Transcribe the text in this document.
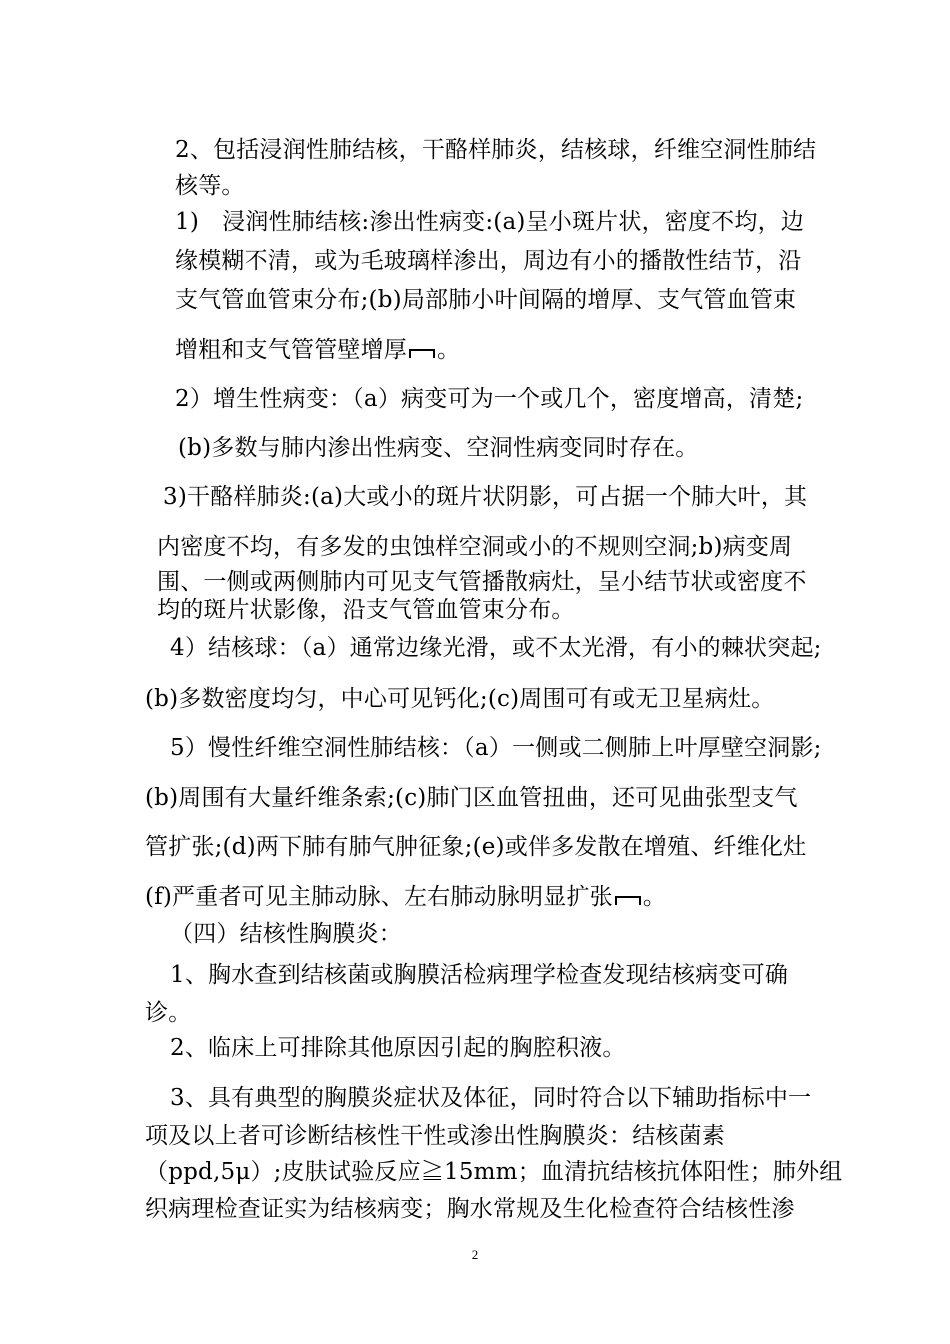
2、包括浸润性肺结核，干酪样肺炎，结核球，纤维空洞性肺结
核等。
1)　浸润性肺结核:渗出性病变:(a)呈小斑片状，密度不均，边
缘模糊不清，或为毛玻璃样渗出，周边有小的播散性结节，沿
支气管血管束分布;(b)局部肺小叶间隔的增厚、支气管血管束
增粗和支气管管壁增厚 。
2）增生性病变：（a）病变可为一个或几个，密度增高，清楚;
(b)多数与肺内渗出性病变、空洞性病变同时存在。
3)干酪样肺炎:(a)大或小的斑片状阴影，可占据一个肺大叶，其
内密度不均，有多发的虫蚀样空洞或小的不规则空洞;b)病变周
围、一侧或两侧肺内可见支气管播散病灶，呈小结节状或密度不
均的斑片状影像，沿支气管血管束分布。
4）结核球：（a）通常边缘光滑，或不太光滑，有小的棘状突起;
(b)多数密度均匀，中心可见钙化;(c)周围可有或无卫星病灶。
5）慢性纤维空洞性肺结核：（a）一侧或二侧肺上叶厚壁空洞影;
(b)周围有大量纤维条索;(c)肺门区血管扭曲，还可见曲张型支气
管扩张;(d)两下肺有肺气肿征象;(e)或伴多发散在增殖、纤维化灶
(f)严重者可见主肺动脉、左右肺动脉明显扩张 。
（四）结核性胸膜炎：
1、胸水查到结核菌或胸膜活检病理学检查发现结核病变可确
诊。
2、临床上可排除其他原因引起的胸腔积液。
3、具有典型的胸膜炎症状及体征，同时符合以下辅助指标中一
项及以上者可诊断结核性干性或渗出性胸膜炎：结核菌素
（ppd,5μ）;皮肤试验反应≧15mm；血清抗结核抗体阳性；肺外组
织病理检查证实为结核病变；胸水常规及生化检查符合结核性渗
2
